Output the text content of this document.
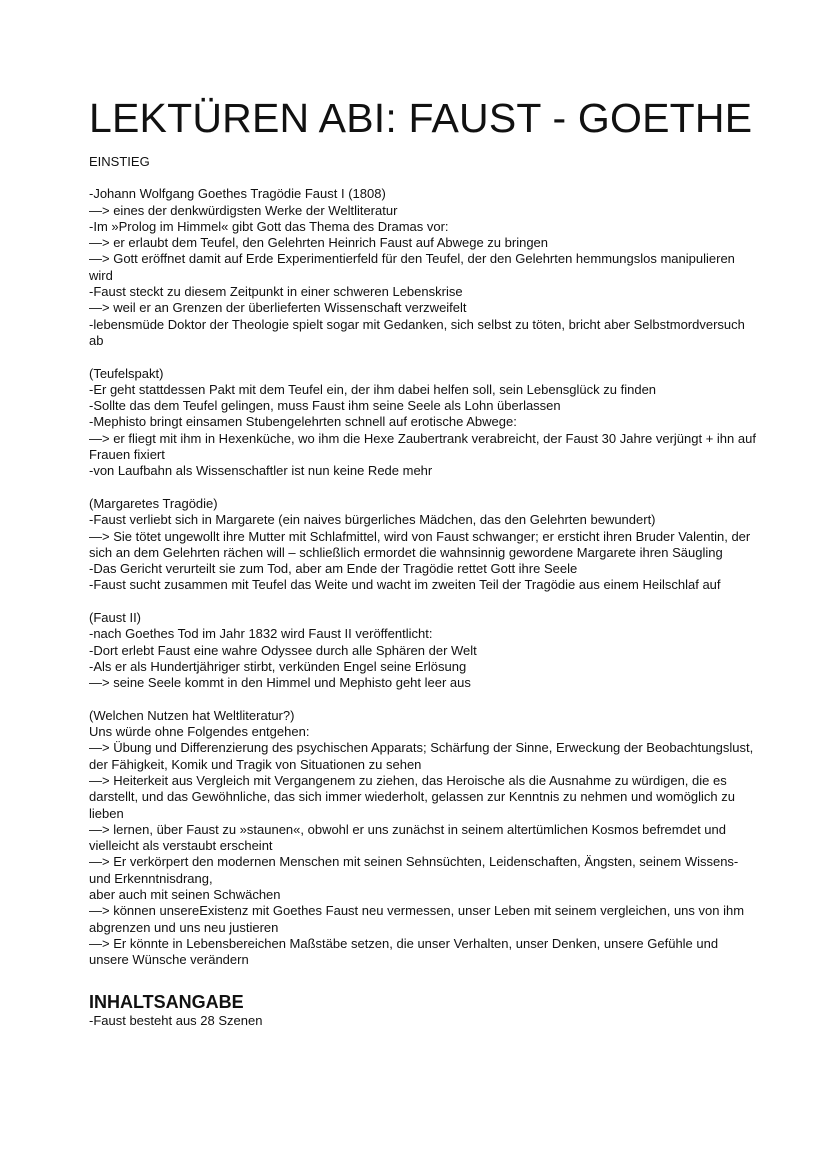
LEKTÜREN ABI: FAUST - GOETHE
EINSTIEG

-Johann Wolfgang Goethes Tragödie Faust I (1808)

—> eines der denkwürdigsten Werke der Weltliteratur

-Im »Prolog im Himmel« gibt Gott das Thema des Dramas vor:

—> er erlaubt dem Teufel, den Gelehrten Heinrich Faust auf Abwege zu bringen

—> Gott eröffnet damit auf Erde Experimentierfeld für den Teufel, der den Gelehrten hemmungslos manipulieren wird

-Faust steckt zu diesem Zeitpunkt in einer schweren Lebenskrise

—> weil er an Grenzen der überlieferten Wissenschaft verzweifelt

-lebensmüde Doktor der Theologie spielt sogar mit Gedanken, sich selbst zu töten, bricht aber Selbstmordversuch ab

(Teufelspakt)

-Er geht stattdessen Pakt mit dem Teufel ein, der ihm dabei helfen soll, sein Lebensglück zu finden

-Sollte das dem Teufel gelingen, muss Faust ihm seine Seele als Lohn überlassen

-Mephisto bringt einsamen Stubengelehrten schnell auf erotische Abwege:

—> er fliegt mit ihm in Hexenküche, wo ihm die Hexe Zaubertrank verabreicht, der Faust 30 Jahre verjüngt + ihn auf Frauen fixiert

-von Laufbahn als Wissenschaftler ist nun keine Rede mehr

(Margaretes Tragödie)

-Faust verliebt sich in Margarete (ein naives bürgerliches Mädchen, das den Gelehrten bewundert)

—> Sie tötet ungewollt ihre Mutter mit Schlafmittel, wird von Faust schwanger; er ersticht ihren Bruder Valentin, der sich an dem Gelehrten rächen will – schließlich ermordet die wahnsinnig gewordene Margarete ihren Säugling

-Das Gericht verurteilt sie zum Tod, aber am Ende der Tragödie rettet Gott ihre Seele

-Faust sucht zusammen mit Teufel das Weite und wacht im zweiten Teil der Tragödie aus einem Heilschlaf auf

(Faust II)

-nach Goethes Tod im Jahr 1832 wird Faust II veröffentlicht:

-Dort erlebt Faust eine wahre Odyssee durch alle Sphären der Welt

-Als er als Hundertjähriger stirbt, verkünden Engel seine Erlösung

—> seine Seele kommt in den Himmel und Mephisto geht leer aus

(Welchen Nutzen hat Weltliteratur?)

Uns würde ohne Folgendes entgehen:

—> Übung und Differenzierung des psychischen Apparats; Schärfung der Sinne, Erweckung der Beobachtungslust, der Fähigkeit, Komik und Tragik von Situationen zu sehen

—> Heiterkeit aus Vergleich mit Vergangenem zu ziehen, das Heroische als die Ausnahme zu würdigen, die es darstellt, und das Gewöhnliche, das sich immer wiederholt, gelassen zur Kenntnis zu nehmen und womöglich zu lieben

—> lernen, über Faust zu »staunen«, obwohl er uns zunächst in seinem altertümlichen Kosmos befremdet und vielleicht als verstaubt erscheint

—> Er verkörpert den modernen Menschen mit seinen Sehnsüchten, Leidenschaften, Ängsten, seinem Wissens- und Erkenntnisdrang,

aber auch mit seinen Schwächen

—> können unsereExistenz mit Goethes Faust neu vermessen, unser Leben mit seinem vergleichen, uns von ihm abgrenzen und uns neu justieren

—> Er könnte in Lebensbereichen Maßstäbe setzen, die unser Verhalten, unser Denken, unsere Gefühle und unsere Wünsche verändern

INHALTSANGABE

-Faust besteht aus 28 Szenen
